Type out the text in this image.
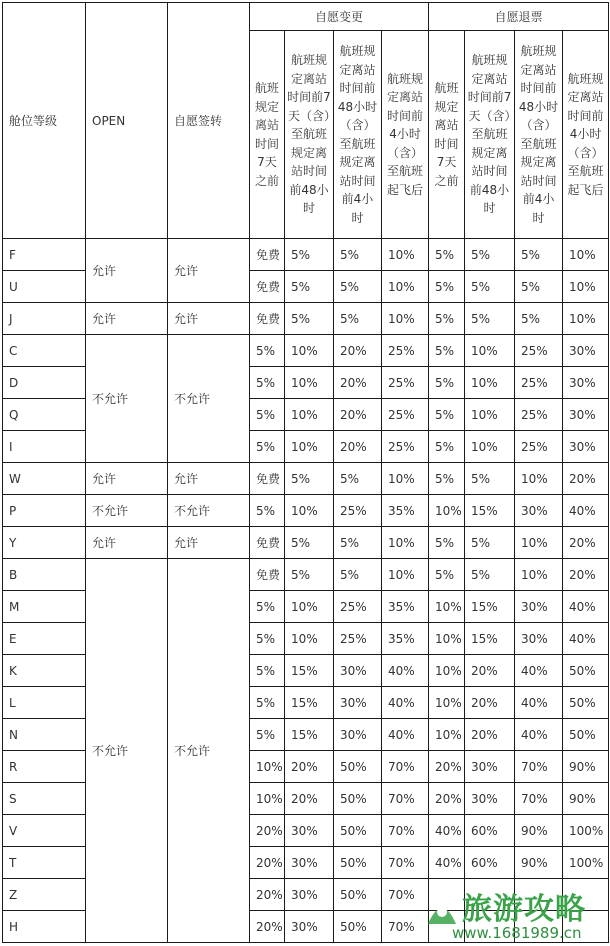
舱位等级	OPEN	自愿签转	自愿变更				自愿退票			
			航班规定离站时间7天之前	航班规定离站时间前7天（含）至航班规定离站时间前48小时	航班规定离站时间前48小时（含）至航班规定离站时间前4小时	航班规定离站时间前4小时（含）至航班起飞后	航班规定离站时间7天之前	航班规定离站时间前7天（含）至航班规定离站时间前48小时	航班规定离站时间前48小时（含）至航班规定离站时间前4小时	航班规定离站时间前4小时（含）至航班起飞后
F	允许	允许	免费	5%	5%	10%	5%	5%	5%	10%
U			免费	5%	5%	10%	5%	5%	5%	10%
J	允许	允许	免费	5%	5%	10%	5%	5%	5%	10%
C	不允许	不允许	5%	10%	20%	25%	5%	10%	25%	30%
D			5%	10%	20%	25%	5%	10%	25%	30%
Q			5%	10%	20%	25%	5%	10%	25%	30%
I			5%	10%	20%	25%	5%	10%	25%	30%
W	允许	允许	免费	5%	5%	10%	5%	5%	10%	20%
P	不允许	不允许	5%	10%	25%	35%	10%	15%	30%	40%
Y	允许	允许	免费	5%	5%	10%	5%	5%	10%	20%
B	不允许	不允许	免费	5%	5%	10%	5%	5%	10%	20%
M			5%	10%	25%	35%	10%	15%	30%	40%
E			5%	10%	25%	35%	10%	15%	30%	40%
K			5%	15%	30%	40%	10%	20%	40%	50%
L			5%	15%	30%	40%	10%	20%	40%	50%
N			5%	15%	30%	40%	10%	20%	40%	50%
R			10%	20%	50%	70%	20%	30%	70%	90%
S			10%	20%	50%	70%	20%	30%	70%	90%
V			20%	30%	50%	70%	40%	60%	90%	100%
T			20%	30%	50%	70%	40%	60%	90%	100%
Z			20%	30%	50%	70%				
H			20%	30%	50%	70%				旅游攻略
www.1681989.cn
